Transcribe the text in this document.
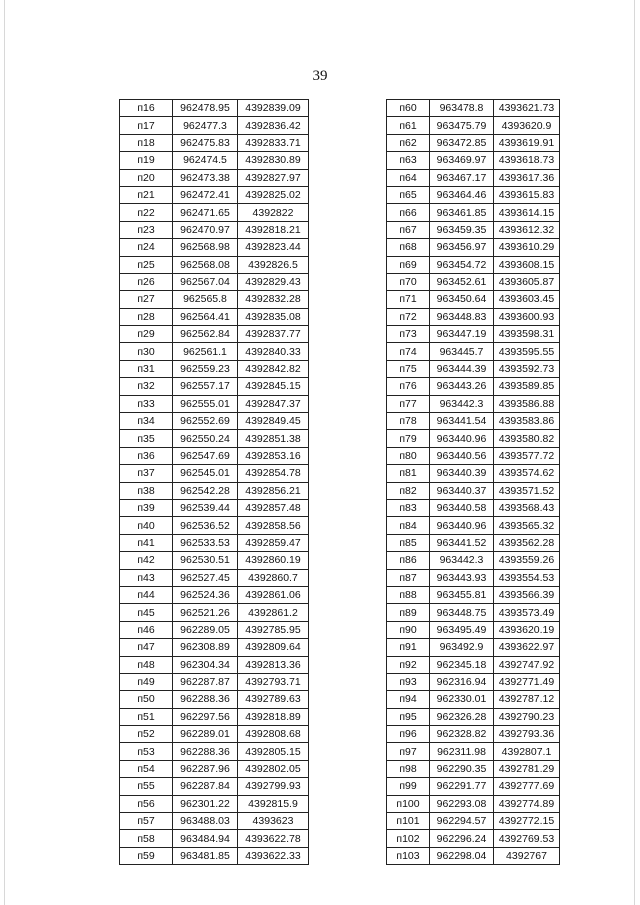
39
п16	962478.95	4392839.09
п17	962477.3	4392836.42
п18	962475.83	4392833.71
п19	962474.5	4392830.89
п20	962473.38	4392827.97
п21	962472.41	4392825.02
п22	962471.65	4392822
п23	962470.97	4392818.21
п24	962568.98	4392823.44
п25	962568.08	4392826.5
п26	962567.04	4392829.43
п27	962565.8	4392832.28
п28	962564.41	4392835.08
п29	962562.84	4392837.77
п30	962561.1	4392840.33
п31	962559.23	4392842.82
п32	962557.17	4392845.15
п33	962555.01	4392847.37
п34	962552.69	4392849.45
п35	962550.24	4392851.38
п36	962547.69	4392853.16
п37	962545.01	4392854.78
п38	962542.28	4392856.21
п39	962539.44	4392857.48
п40	962536.52	4392858.56
п41	962533.53	4392859.47
п42	962530.51	4392860.19
п43	962527.45	4392860.7
п44	962524.36	4392861.06
п45	962521.26	4392861.2
п46	962289.05	4392785.95
п47	962308.89	4392809.64
п48	962304.34	4392813.36
п49	962287.87	4392793.71
п50	962288.36	4392789.63
п51	962297.56	4392818.89
п52	962289.01	4392808.68
п53	962288.36	4392805.15
п54	962287.96	4392802.05
п55	962287.84	4392799.93
п56	962301.22	4392815.9
п57	963488.03	4393623
п58	963484.94	4393622.78
п59	963481.85	4393622.33
п60	963478.8	4393621.73
п61	963475.79	4393620.9
п62	963472.85	4393619.91
п63	963469.97	4393618.73
п64	963467.17	4393617.36
п65	963464.46	4393615.83
п66	963461.85	4393614.15
п67	963459.35	4393612.32
п68	963456.97	4393610.29
п69	963454.72	4393608.15
п70	963452.61	4393605.87
п71	963450.64	4393603.45
п72	963448.83	4393600.93
п73	963447.19	4393598.31
п74	963445.7	4393595.55
п75	963444.39	4393592.73
п76	963443.26	4393589.85
п77	963442.3	4393586.88
п78	963441.54	4393583.86
п79	963440.96	4393580.82
п80	963440.56	4393577.72
п81	963440.39	4393574.62
п82	963440.37	4393571.52
п83	963440.58	4393568.43
п84	963440.96	4393565.32
п85	963441.52	4393562.28
п86	963442.3	4393559.26
п87	963443.93	4393554.53
п88	963455.81	4393566.39
п89	963448.75	4393573.49
п90	963495.49	4393620.19
п91	963492.9	4393622.97
п92	962345.18	4392747.92
п93	962316.94	4392771.49
п94	962330.01	4392787.12
п95	962326.28	4392790.23
п96	962328.82	4392793.36
п97	962311.98	4392807.1
п98	962290.35	4392781.29
п99	962291.77	4392777.69
п100	962293.08	4392774.89
п101	962294.57	4392772.15
п102	962296.24	4392769.53
п103	962298.04	4392767
